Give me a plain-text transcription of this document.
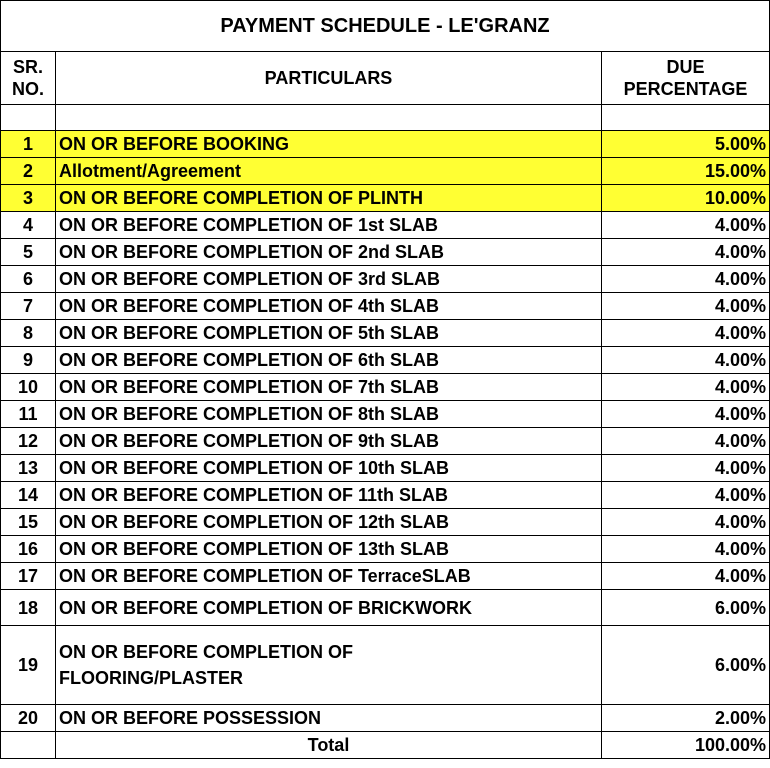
PAYMENT SCHEDULE - LE'GRANZ		
SR. NO.	PARTICULARS	DUE PERCENTAGE

1	ON OR BEFORE BOOKING	5.00%
2	Allotment/Agreement	15.00%
3	ON OR BEFORE COMPLETION OF PLINTH	10.00%
4	ON OR BEFORE COMPLETION OF 1st SLAB	4.00%
5	ON OR BEFORE COMPLETION OF 2nd SLAB	4.00%
6	ON OR BEFORE COMPLETION OF 3rd SLAB	4.00%
7	ON OR BEFORE COMPLETION OF 4th SLAB	4.00%
8	ON OR BEFORE COMPLETION OF 5th SLAB	4.00%
9	ON OR BEFORE COMPLETION OF 6th SLAB	4.00%
10	ON OR BEFORE COMPLETION OF 7th SLAB	4.00%
11	ON OR BEFORE COMPLETION OF 8th SLAB	4.00%
12	ON OR BEFORE COMPLETION OF 9th SLAB	4.00%
13	ON OR BEFORE COMPLETION OF 10th SLAB	4.00%
14	ON OR BEFORE COMPLETION OF 11th SLAB	4.00%
15	ON OR BEFORE COMPLETION OF 12th SLAB	4.00%
16	ON OR BEFORE COMPLETION OF 13th SLAB	4.00%
17	ON OR BEFORE COMPLETION OF TerraceSLAB	4.00%
18	ON OR BEFORE COMPLETION OF BRICKWORK	6.00%
19	ON OR BEFORE COMPLETION OF FLOORING/PLASTER	6.00%
20	ON OR BEFORE POSSESSION	2.00%
	Total	100.00%
